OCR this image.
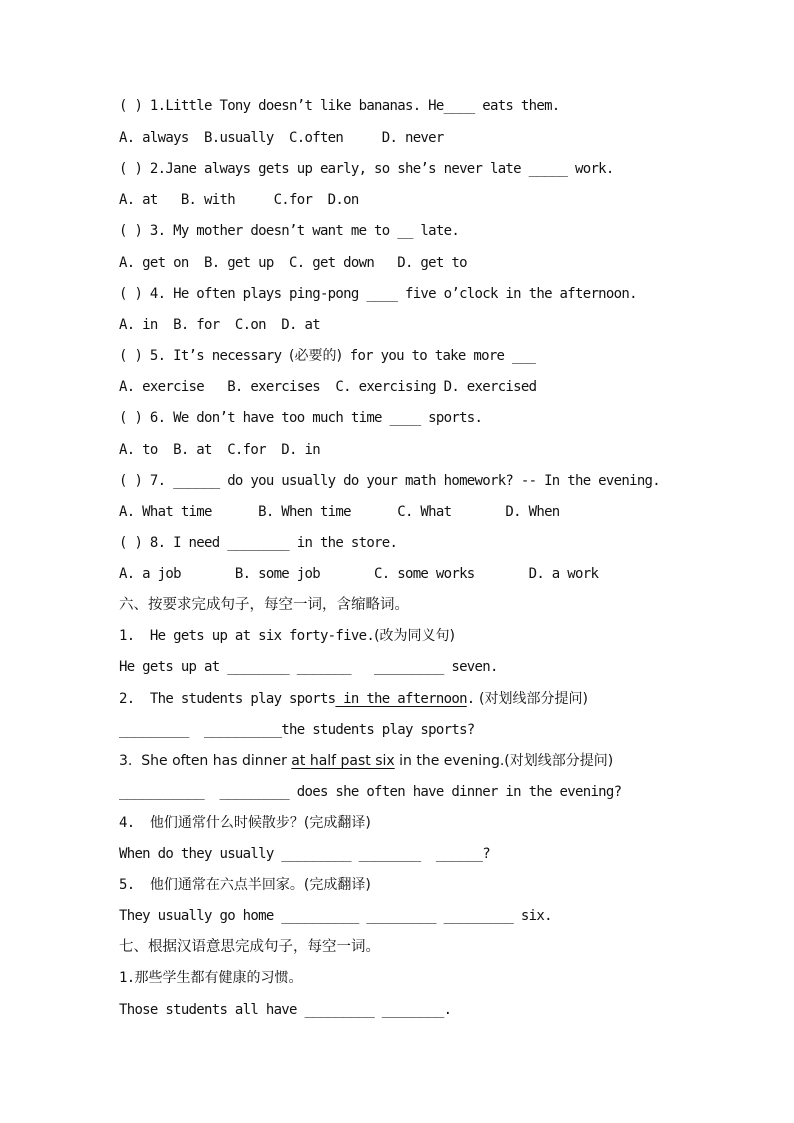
( ) 1.Little Tony doesn’t like bananas. He____ eats them.
A. always  B.usually  C.often     D. never
( ) 2.Jane always gets up early, so she’s never late _____ work.
A. at   B. with     C.for  D.on
( ) 3. My mother doesn’t want me to __ late.
A. get on  B. get up  C. get down   D. get to
( ) 4. He often plays ping-pong ____ five o’clock in the afternoon.
A. in  B. for  C.on  D. at
( ) 5. It’s necessary (必要的) for you to take more ___
A. exercise   B. exercises  C. exercising D. exercised
( ) 6. We don’t have too much time ____ sports.
A. to  B. at  C.for  D. in
( ) 7. ______ do you usually do your math homework? -- In the evening.
A. What time      B. When time      C. What       D. When
( ) 8. I need ________ in the store.
A. a job       B. some job       C. some works       D. a work
六、按要求完成句子，每空一词，含缩略词。
1.  He gets up at six forty-five.(改为同义句)
He gets up at ________ _______   _________ seven.
2.  The students play sports in the afternoon. (对划线部分提问)
_________  __________the students play sports?
3.  She often has dinner at half past six in the evening.(对划线部分提问)
___________  _________ does she often have dinner in the evening?
4.  他们通常什么时候散步？(完成翻译)
When do they usually _________ ________  ______?
5.  他们通常在六点半回家。(完成翻译)
They usually go home __________ _________ _________ six.
七、根据汉语意思完成句子，每空一词。
1.那些学生都有健康的习惯。
Those students all have _________ ________.
